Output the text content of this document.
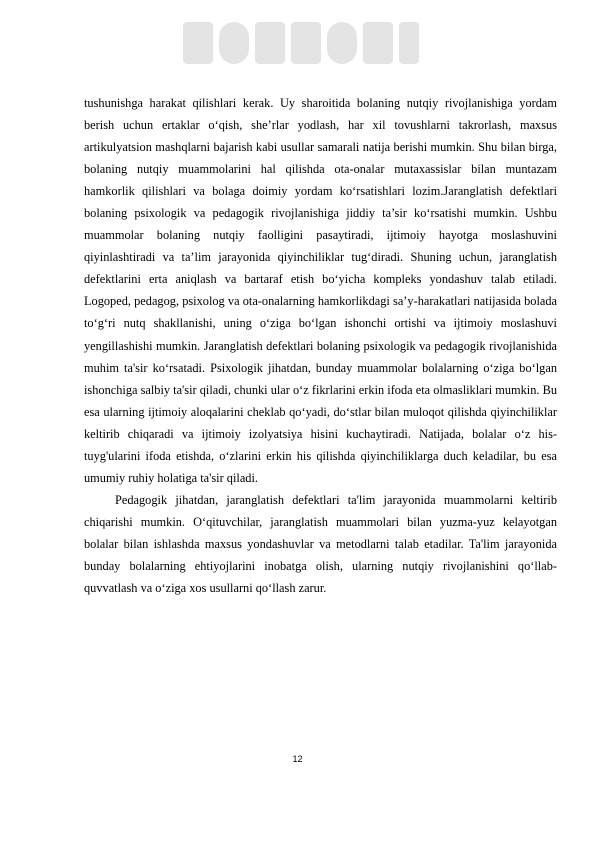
tushunishga harakat qilishlari kerak. Uy sharoitida bolaning nutqiy rivojlanishiga yordam berish uchun ertaklar o‘qish, she’rlar yodlash, har xil tovushlarni takrorlash, maxsus artikulyatsion mashqlarni bajarish kabi usullar samarali natija berishi mumkin. Shu bilan birga, bolaning nutqiy muammolarini hal qilishda ota-onalar mutaxassislar bilan muntazam hamkorlik qilishlari va bolaga doimiy yordam ko‘rsatishlari lozim.Jaranglatish defektlari bolaning psixologik va pedagogik rivojlanishiga jiddiy ta’sir ko‘rsatishi mumkin. Ushbu muammolar bolaning nutqiy faolligini pasaytiradi, ijtimoiy hayotga moslashuvini qiyinlashtiradi va ta’lim jarayonida qiyinchiliklar tug‘diradi. Shuning uchun, jaranglatish defektlarini erta aniqlash va bartaraf etish bo‘yicha kompleks yondashuv talab etiladi. Logoped, pedagog, psixolog va ota-onalarning hamkorlikdagi sa’y-harakatlari natijasida bolada to‘g‘ri nutq shakllanishi, uning o‘ziga bo‘lgan ishonchi ortishi va ijtimoiy moslashuvi yengillashishi mumkin. Jaranglatish defektlari bolaning psixologik va pedagogik rivojlanishida muhim ta'sir ko‘rsatadi. Psixologik jihatdan, bunday muammolar bolalarning o‘ziga bo‘lgan ishonchiga salbiy ta'sir qiladi, chunki ular o‘z fikrlarini erkin ifoda eta olmasliklari mumkin. Bu esa ularning ijtimoiy aloqalarini cheklab qo‘yadi, do‘stlar bilan muloqot qilishda qiyinchiliklar keltirib chiqaradi va ijtimoiy izolyatsiya hisini kuchaytiradi. Natijada, bolalar o‘z his-tuyg'ularini ifoda etishda, o‘zlarini erkin his qilishda qiyinchiliklarga duch keladilar, bu esa umumiy ruhiy holatiga ta'sir qiladi.

Pedagogik jihatdan, jaranglatish defektlari ta'lim jarayonida muammolarni keltirib chiqarishi mumkin. O‘qituvchilar, jaranglatish muammolari bilan yuzma-yuz kelayotgan bolalar bilan ishlashda maxsus yondashuvlar va metodlarni talab etadilar. Ta'lim jarayonida bunday bolalarning ehtiyojlarini inobatga olish, ularning nutqiy rivojlanishini qo‘llab-quvvatlash va o‘ziga xos usullarni qo‘llash zarur.

12
